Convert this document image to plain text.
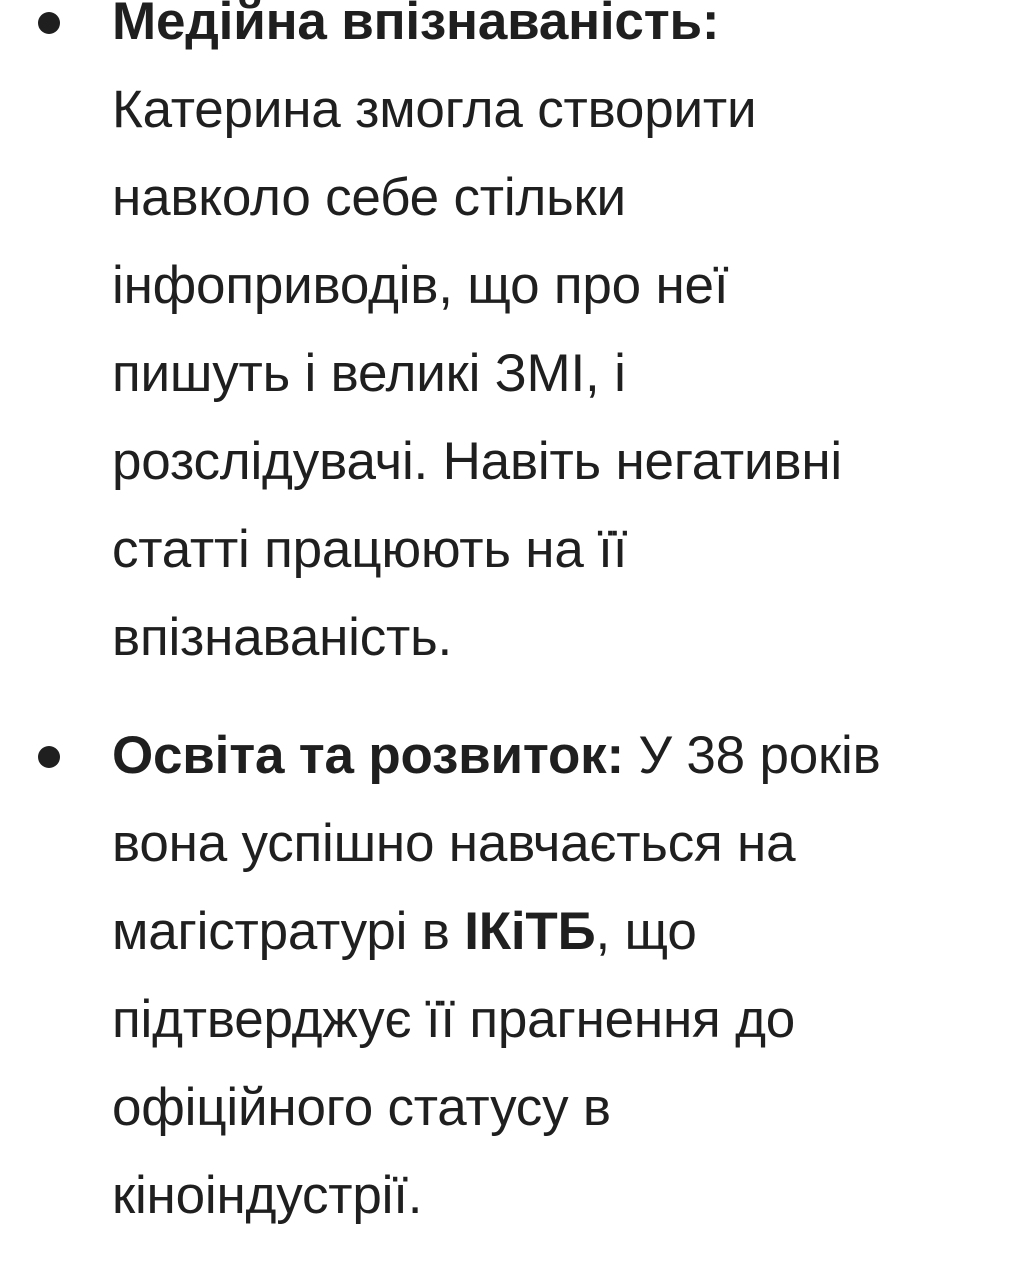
Медійна впізнаваність:
Катерина змогла створити
навколо себе стільки
інфоприводів, що про неї
пишуть і великі ЗМІ, і
розслідувачі. Навіть негативні
статті працюють на її
впізнаваність.
Освіта та розвиток: У 38 років
вона успішно навчається на
магістратурі в ІКіТБ, що
підтверджує її прагнення до
офіційного статусу в
кіноіндустрії.
